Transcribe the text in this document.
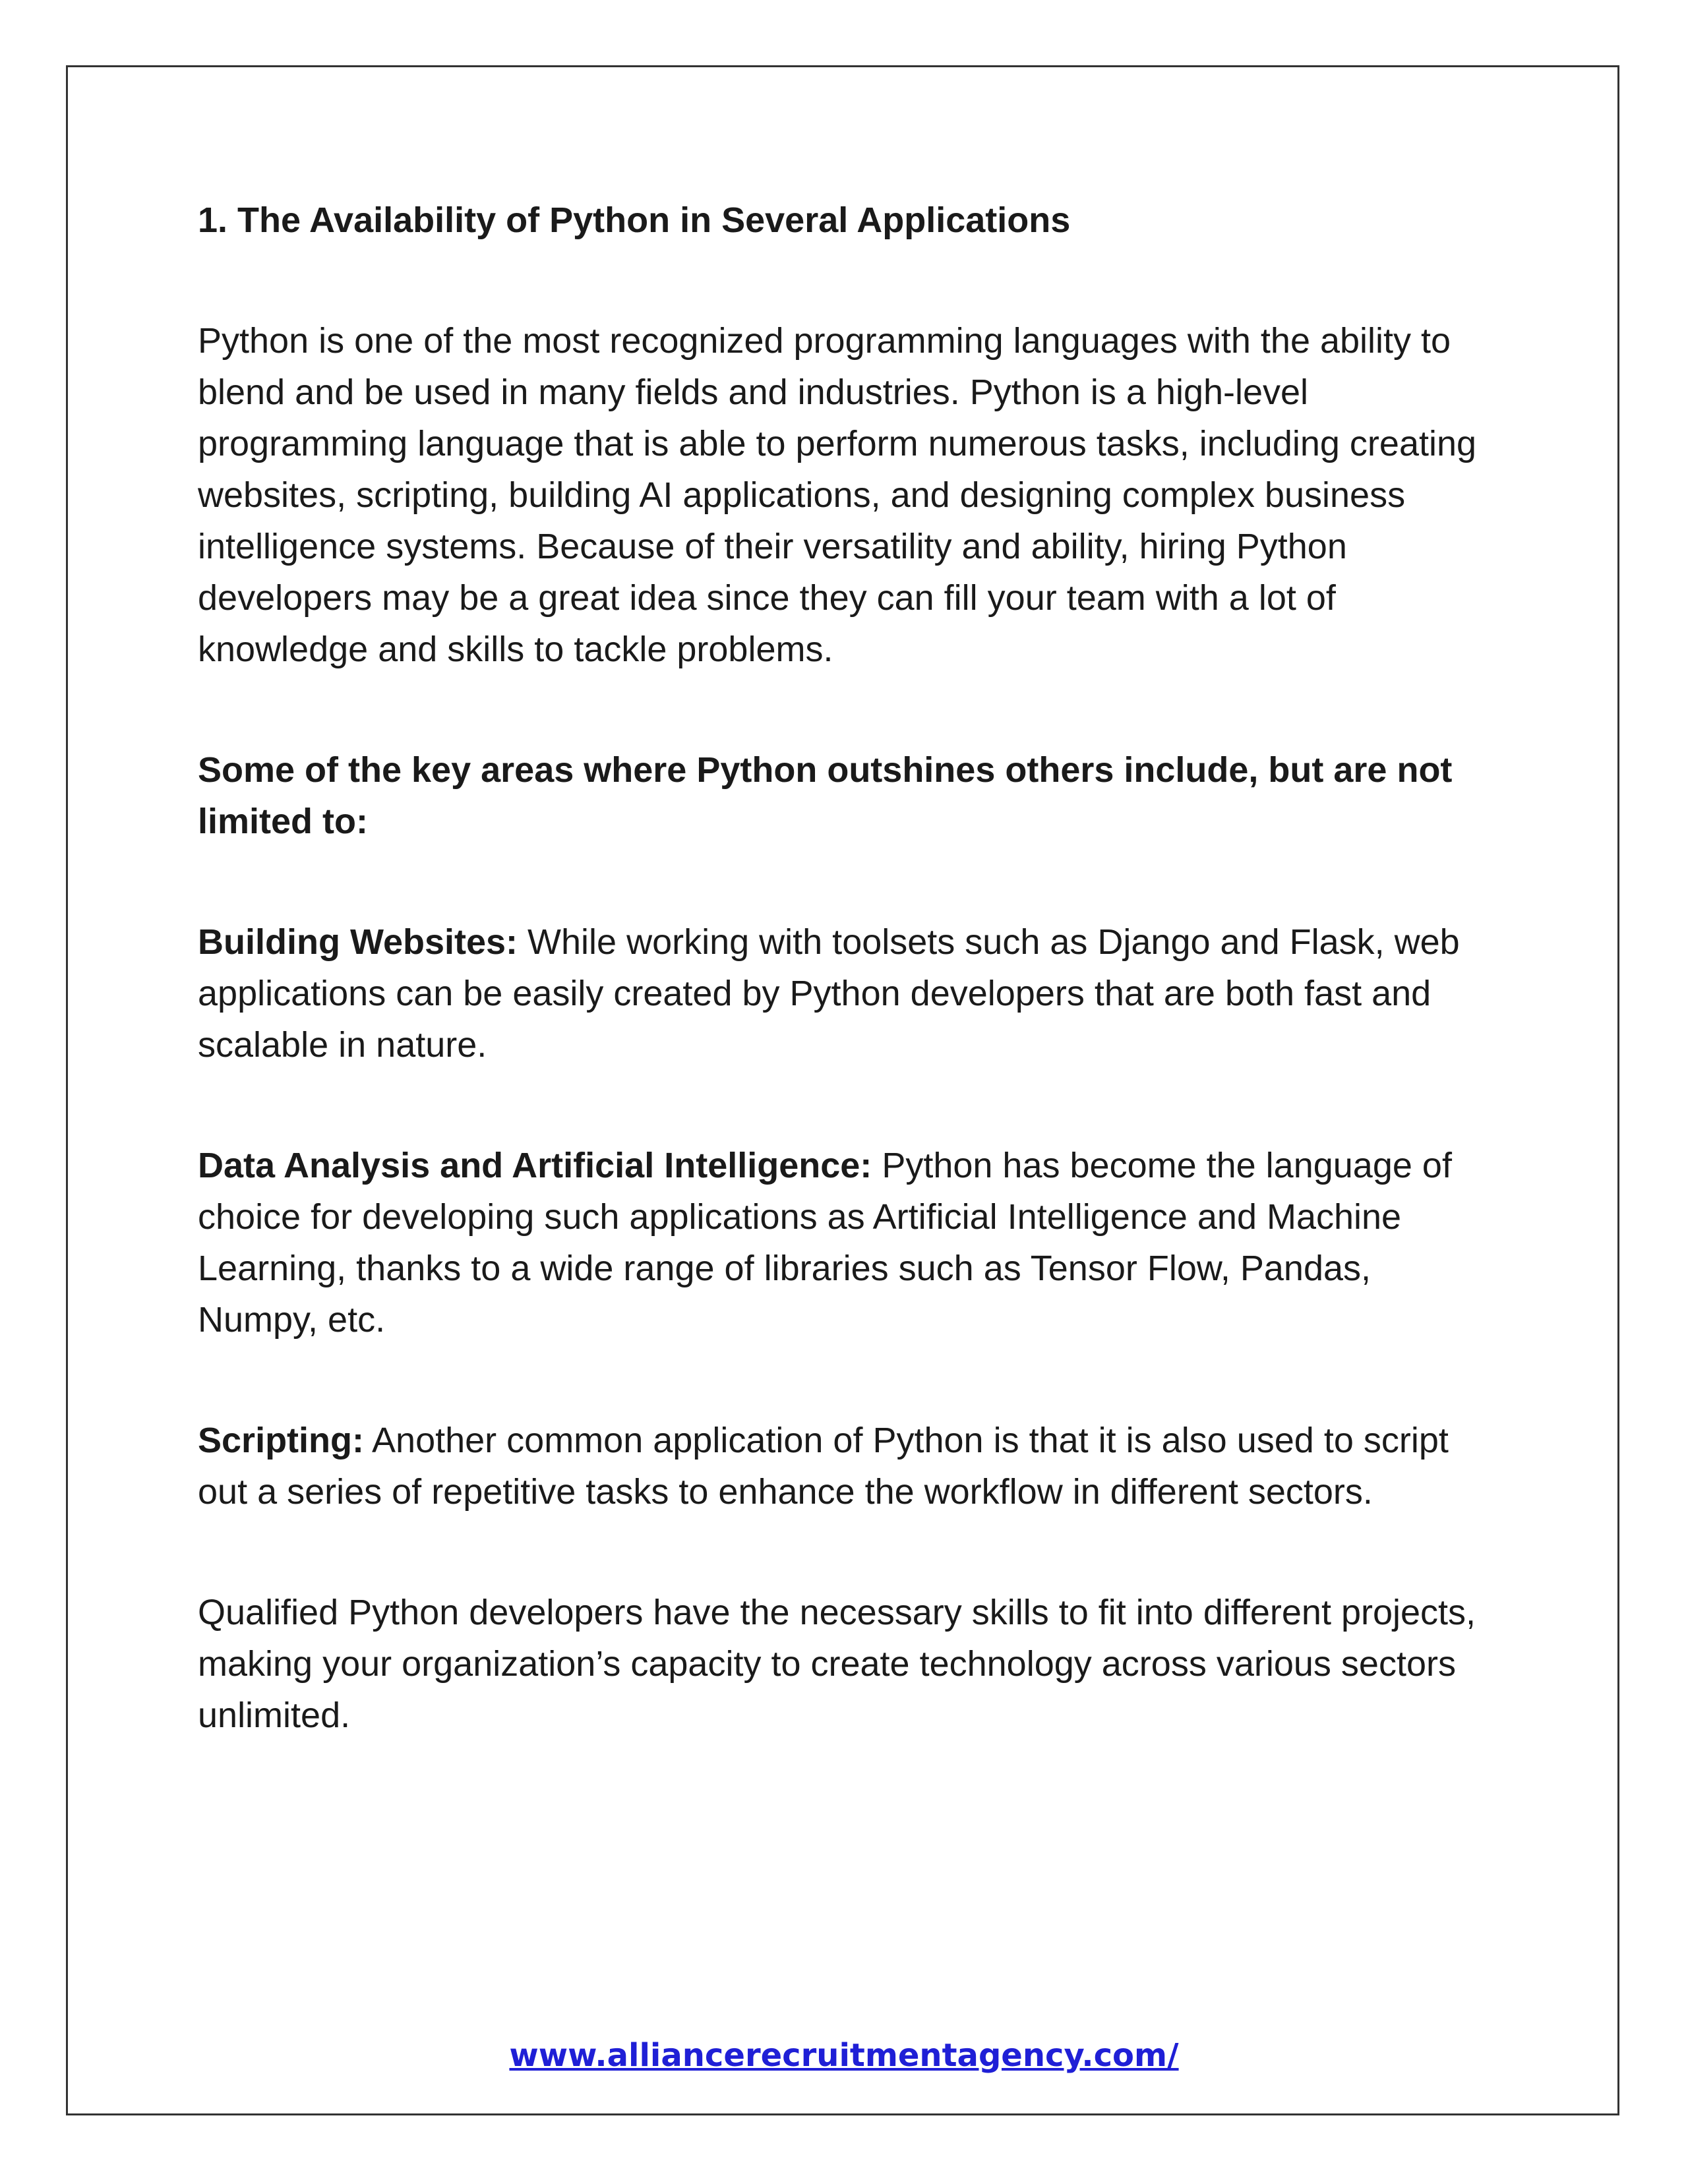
1. The Availability of Python in Several Applications

Python is one of the most recognized programming languages with the ability to blend and be used in many fields and industries. Python is a high-level programming language that is able to perform numerous tasks, including creating websites, scripting, building AI applications, and designing complex business intelligence systems. Because of their versatility and ability, hiring Python developers may be a great idea since they can fill your team with a lot of knowledge and skills to tackle problems.

Some of the key areas where Python outshines others include, but are not limited to:

Building Websites: While working with toolsets such as Django and Flask, web applications can be easily created by Python developers that are both fast and scalable in nature.

Data Analysis and Artificial Intelligence: Python has become the language of choice for developing such applications as Artificial Intelligence and Machine Learning, thanks to a wide range of libraries such as Tensor Flow, Pandas, Numpy, etc.

Scripting: Another common application of Python is that it is also used to script out a series of repetitive tasks to enhance the workflow in different sectors.

Qualified Python developers have the necessary skills to fit into different projects, making your organization’s capacity to create technology across various sectors unlimited.

www.alliancerecruitmentagency.com/
